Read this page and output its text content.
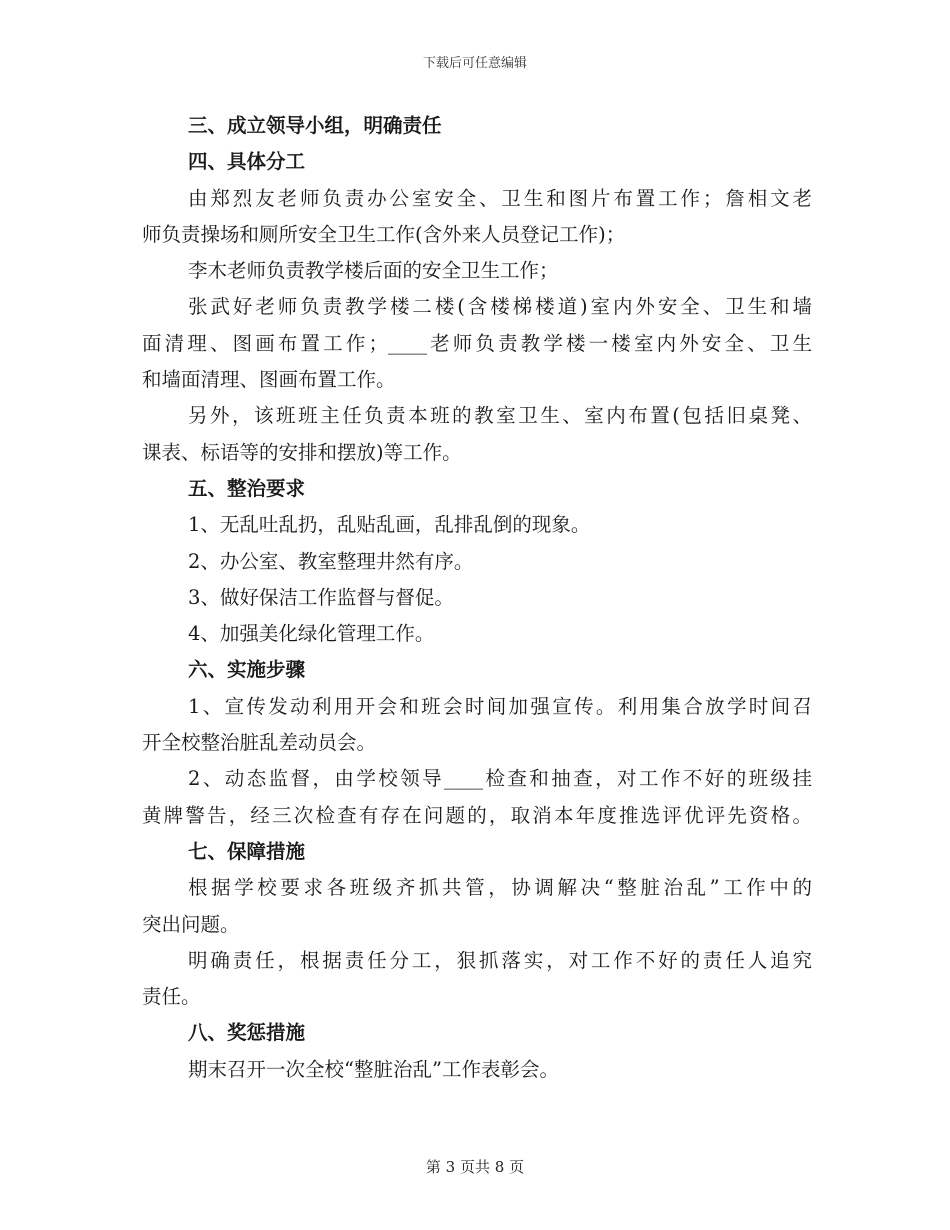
下载后可任意编辑
三、成立领导小组，明确责任
四、具体分工
由郑烈友老师负责办公室安全、卫生和图片布置工作；詹相文老
师负责操场和厕所安全卫生工作(含外来人员登记工作)；
李木老师负责教学楼后面的安全卫生工作；
张武好老师负责教学楼二楼(含楼梯楼道)室内外安全、卫生和墙
面清理、图画布置工作；____老师负责教学楼一楼室内外安全、卫生
和墙面清理、图画布置工作。
另外，该班班主任负责本班的教室卫生、室内布置(包括旧桌凳、
课表、标语等的安排和摆放)等工作。
五、整治要求
1、无乱吐乱扔，乱贴乱画，乱排乱倒的现象。
2、办公室、教室整理井然有序。
3、做好保洁工作监督与督促。
4、加强美化绿化管理工作。
六、实施步骤
1、宣传发动利用开会和班会时间加强宣传。利用集合放学时间召
开全校整治脏乱差动员会。
2、动态监督，由学校领导____检查和抽查，对工作不好的班级挂
黄牌警告，经三次检查有存在问题的，取消本年度推选评优评先资格。
七、保障措施
根据学校要求各班级齐抓共管，协调解决“整脏治乱”工作中的
突出问题。
明确责任，根据责任分工，狠抓落实，对工作不好的责任人追究
责任。
八、奖惩措施
期末召开一次全校“整脏治乱”工作表彰会。
第 3 页共 8 页
